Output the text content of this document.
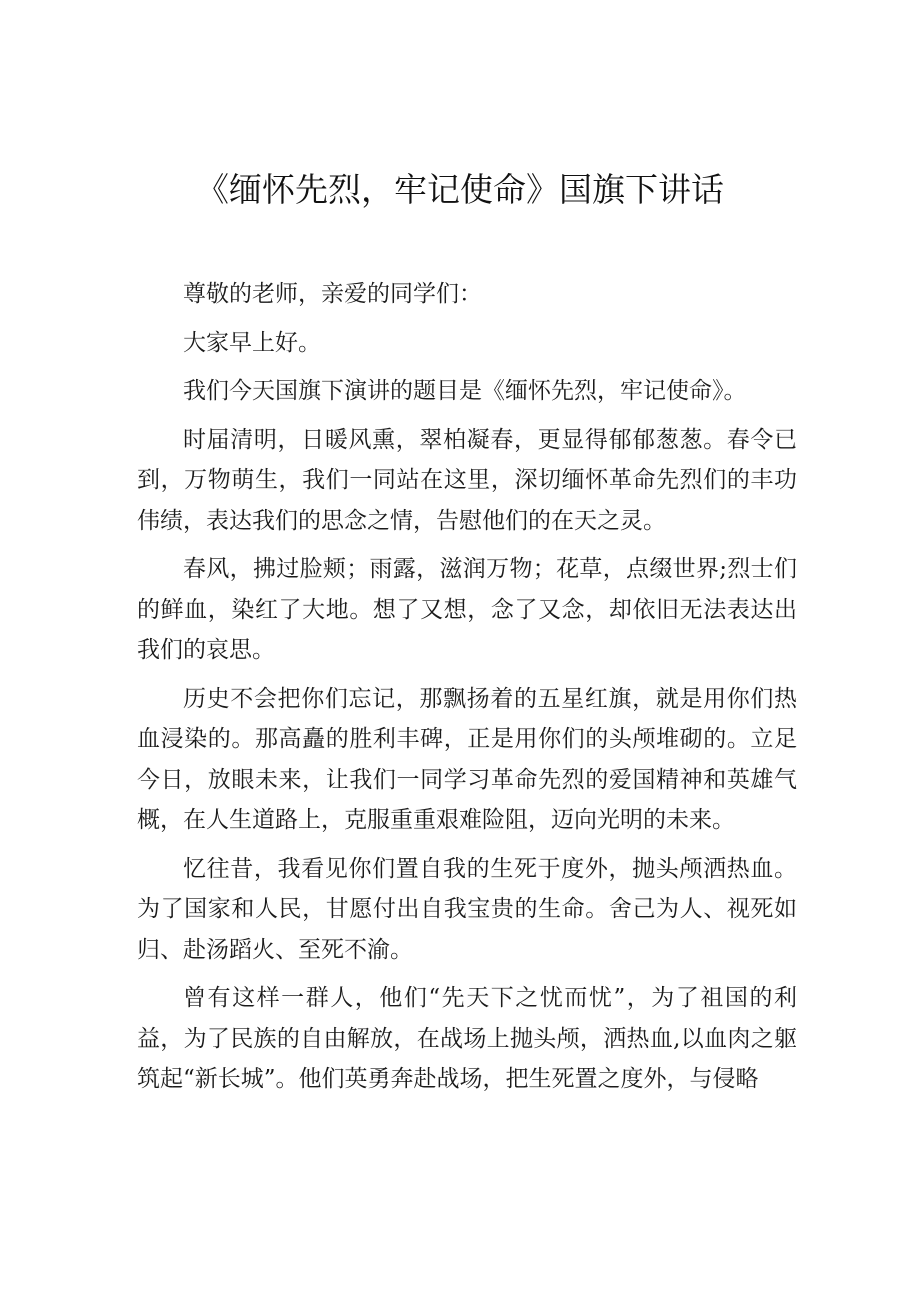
《缅怀先烈，牢记使命》国旗下讲话

尊敬的老师，亲爱的同学们：

大家早上好。

我们今天国旗下演讲的题目是《缅怀先烈，牢记使命》。

时届清明，日暖风熏，翠柏凝春，更显得郁郁葱葱。春令已到，万物萌生，我们一同站在这里，深切缅怀革命先烈们的丰功伟绩，表达我们的思念之情，告慰他们的在天之灵。

春风，拂过脸颊；雨露，滋润万物；花草，点缀世界;烈士们的鲜血，染红了大地。想了又想，念了又念，却依旧无法表达出我们的哀思。

历史不会把你们忘记，那飘扬着的五星红旗，就是用你们热血浸染的。那高矗的胜利丰碑，正是用你们的头颅堆砌的。立足今日，放眼未来，让我们一同学习革命先烈的爱国精神和英雄气概，在人生道路上，克服重重艰难险阻，迈向光明的未来。

忆往昔，我看见你们置自我的生死于度外，抛头颅洒热血。为了国家和人民，甘愿付出自我宝贵的生命。舍己为人、视死如归、赴汤蹈火、至死不渝。

曾有这样一群人，他们“先天下之忧而忧”，为了祖国的利益，为了民族的自由解放，在战场上抛头颅，洒热血,以血肉之躯筑起“新长城”。他们英勇奔赴战场，把生死置之度外，与侵略
